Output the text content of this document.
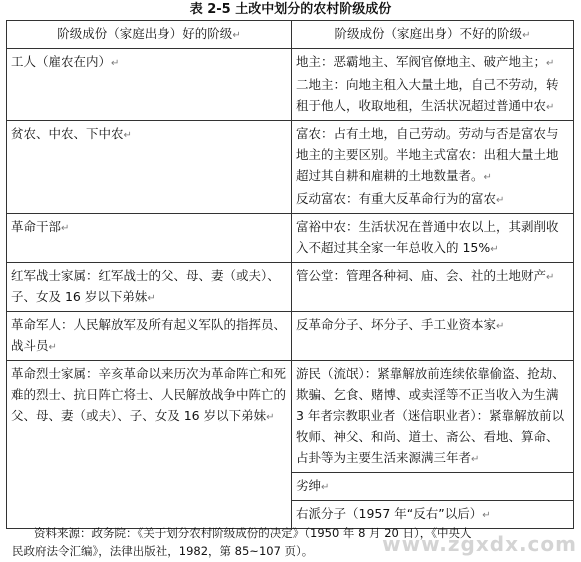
表 2-5 土改中划分的农村阶级成份
阶级成份（家庭出身）好的阶级↵	阶级成份（家庭出身）不好的阶级↵

工人（雇农在内）↵	地主：恶霸地主、军阀官僚地主、破产地主；↵
二地主：向地主租入大量土地，自己不劳动，转租于他人，收取地租，生活状况超过普通中农↵

贫农、中农、下中农↵	富农：占有土地，自己劳动。劳动与否是富农与地主的主要区别。半地主式富农：出租大量土地超过其自耕和雇耕的土地数量者。↵
反动富农：有重大反革命行为的富农↵

革命干部↵	富裕中农：生活状况在普通中农以上，其剥削收入不超过其全家一年总收入的 15%↵

红军战士家属：红军战士的父、母、妻（或夫）、子、女及 16 岁以下弟妹↵	管公堂：管理各种祠、庙、会、社的土地财产↵

革命军人：人民解放军及所有起义军队的指挥员、战斗员↵	反革命分子、坏分子、手工业资本家↵

革命烈士家属：辛亥革命以来历次为革命阵亡和死难的烈士、抗日阵亡将士、人民解放战争中阵亡的父、母、妻（或夫）、子、女及 16 岁以下弟妹↵	游民（流氓）：紧靠解放前连续依靠偷盗、抢劫、欺骗、乞食、赌博、或卖淫等不正当收入为生满 3 年者宗教职业者（迷信职业者）：紧靠解放前以牧师、神父、和尚、道士、斋公、看地、算命、占卦等为主要生活来源满三年者↵

	劣绅↵

	右派分子（1957 年“反右”以后）↵
资料来源：政务院：《关于划分农村阶级成份的决定》（1950 年 8 月 20 日），《中央人
民政府法令汇编》，法律出版社，1982，第 85~107 页）。	www.zgxdx.com
